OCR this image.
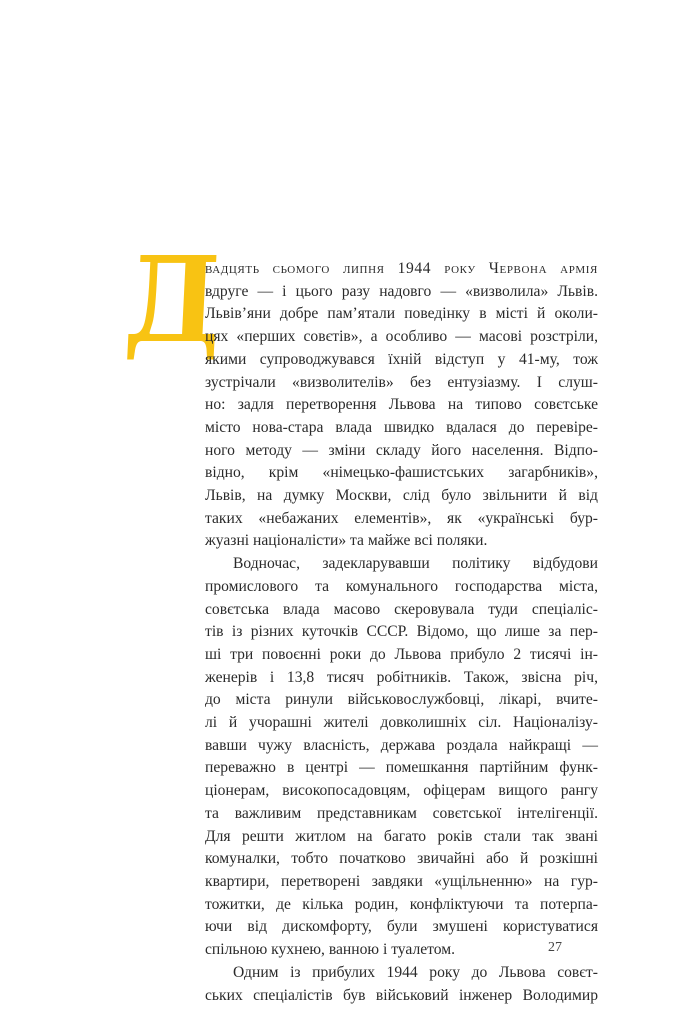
Д

вадцять сьомого липня 1944 року Червона армія
вдруге — і цього разу надовго — «визволила» Львів.
Львів’яни добре пам’ятали поведінку в місті й околи-
цях «перших совєтів», а особливо — масові розстріли,
якими супроводжувався їхній відступ у 41-му, тож
зустрічали «визволителів» без ентузіазму. І слуш-
но: задля перетворення Львова на типово совєтське
місто нова-стара влада швидко вдалася до перевіре-
ного методу — зміни складу його населення. Відпо-
відно, крім «німецько-фашистських загарбників»,
Львів, на думку Москви, слід було звільнити й від
таких «небажаних елементів», як «українські бур-
жуазні націоналісти» та майже всі поляки.

Водночас, задекларувавши політику відбудови
промислового та комунального господарства міста,
совєтська влада масово скеровувала туди спеціаліс-
тів із різних куточків СССР. Відомо, що лише за пер-
ші три повоєнні роки до Львова прибуло 2 тисячі ін-
женерів і 13,8 тисяч робітників. Також, звісна річ,
до міста ринули військовослужбовці, лікарі, вчите-
лі й учорашні жителі довколишніх сіл. Націоналізу-
вавши чужу власність, держава роздала найкращі —
переважно в центрі — помешкання партійним функ-
ціонерам, високопосадовцям, офіцерам вищого рангу
та важливим представникам совєтської інтелігенції.
Для решти житлом на багато років стали так звані
комуналки, тобто початково звичайні або й розкішні
квартири, перетворені завдяки «ущільненню» на гур-
тожитки, де кілька родин, конфліктуючи та потерпа-
ючи від дискомфорту, були змушені користуватися
спільною кухнею, ванною і туалетом.

Одним із прибулих 1944 року до Львова совєт-
ських спеціалістів був військовий інженер Володимир

27
